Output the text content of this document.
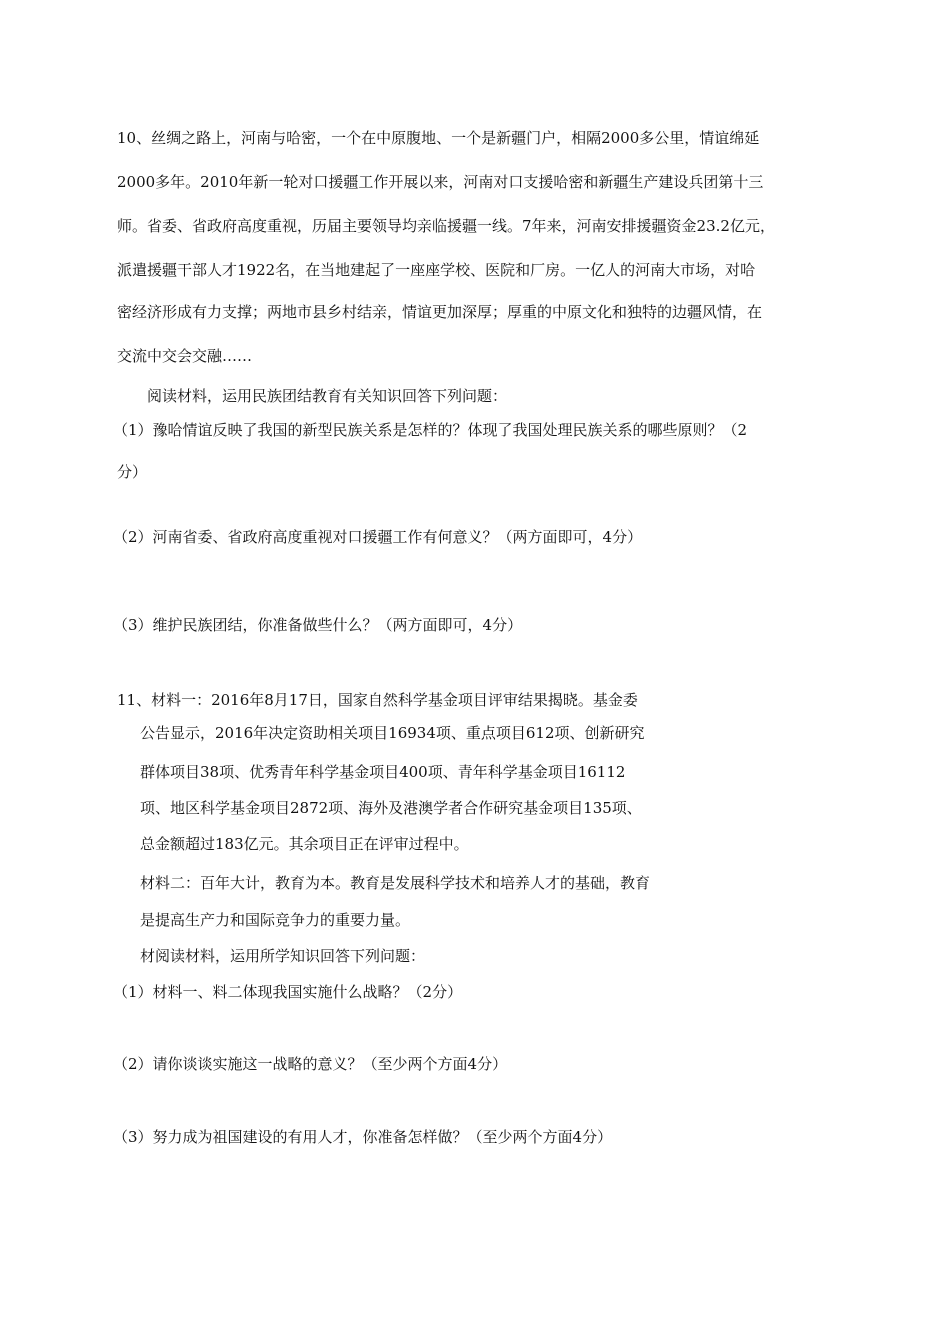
10、丝绸之路上，河南与哈密，一个在中原腹地、一个是新疆门户，相隔2000多公里，情谊绵延
2000多年。2010年新一轮对口援疆工作开展以来，河南对口支援哈密和新疆生产建设兵团第十三
师。省委、省政府高度重视，历届主要领导均亲临援疆一线。7年来，河南安排援疆资金23.2亿元，
派遣援疆干部人才1922名，在当地建起了一座座学校、医院和厂房。一亿人的河南大市场，对哈
密经济形成有力支撑；两地市县乡村结亲，情谊更加深厚；厚重的中原文化和独特的边疆风情，在
交流中交会交融……
阅读材料，运用民族团结教育有关知识回答下列问题：
（1）豫哈情谊反映了我国的新型民族关系是怎样的？体现了我国处理民族关系的哪些原则？（2
分）
（2）河南省委、省政府高度重视对口援疆工作有何意义？（两方面即可，4分）
（3）维护民族团结，你准备做些什么？（两方面即可，4分）
11、材料一：2016年8月17日，国家自然科学基金项目评审结果揭晓。基金委
公告显示，2016年决定资助相关项目16934项、重点项目612项、创新研究
群体项目38项、优秀青年科学基金项目400项、青年科学基金项目16112
项、地区科学基金项目2872项、海外及港澳学者合作研究基金项目135项、
总金额超过183亿元。其余项目正在评审过程中。
材料二：百年大计，教育为本。教育是发展科学技术和培养人才的基础，教育
是提高生产力和国际竞争力的重要力量。
材阅读材料，运用所学知识回答下列问题：
（1）材料一、料二体现我国实施什么战略？（2分）
（2）请你谈谈实施这一战略的意义？（至少两个方面4分）
（3）努力成为祖国建设的有用人才，你准备怎样做？（至少两个方面4分）
